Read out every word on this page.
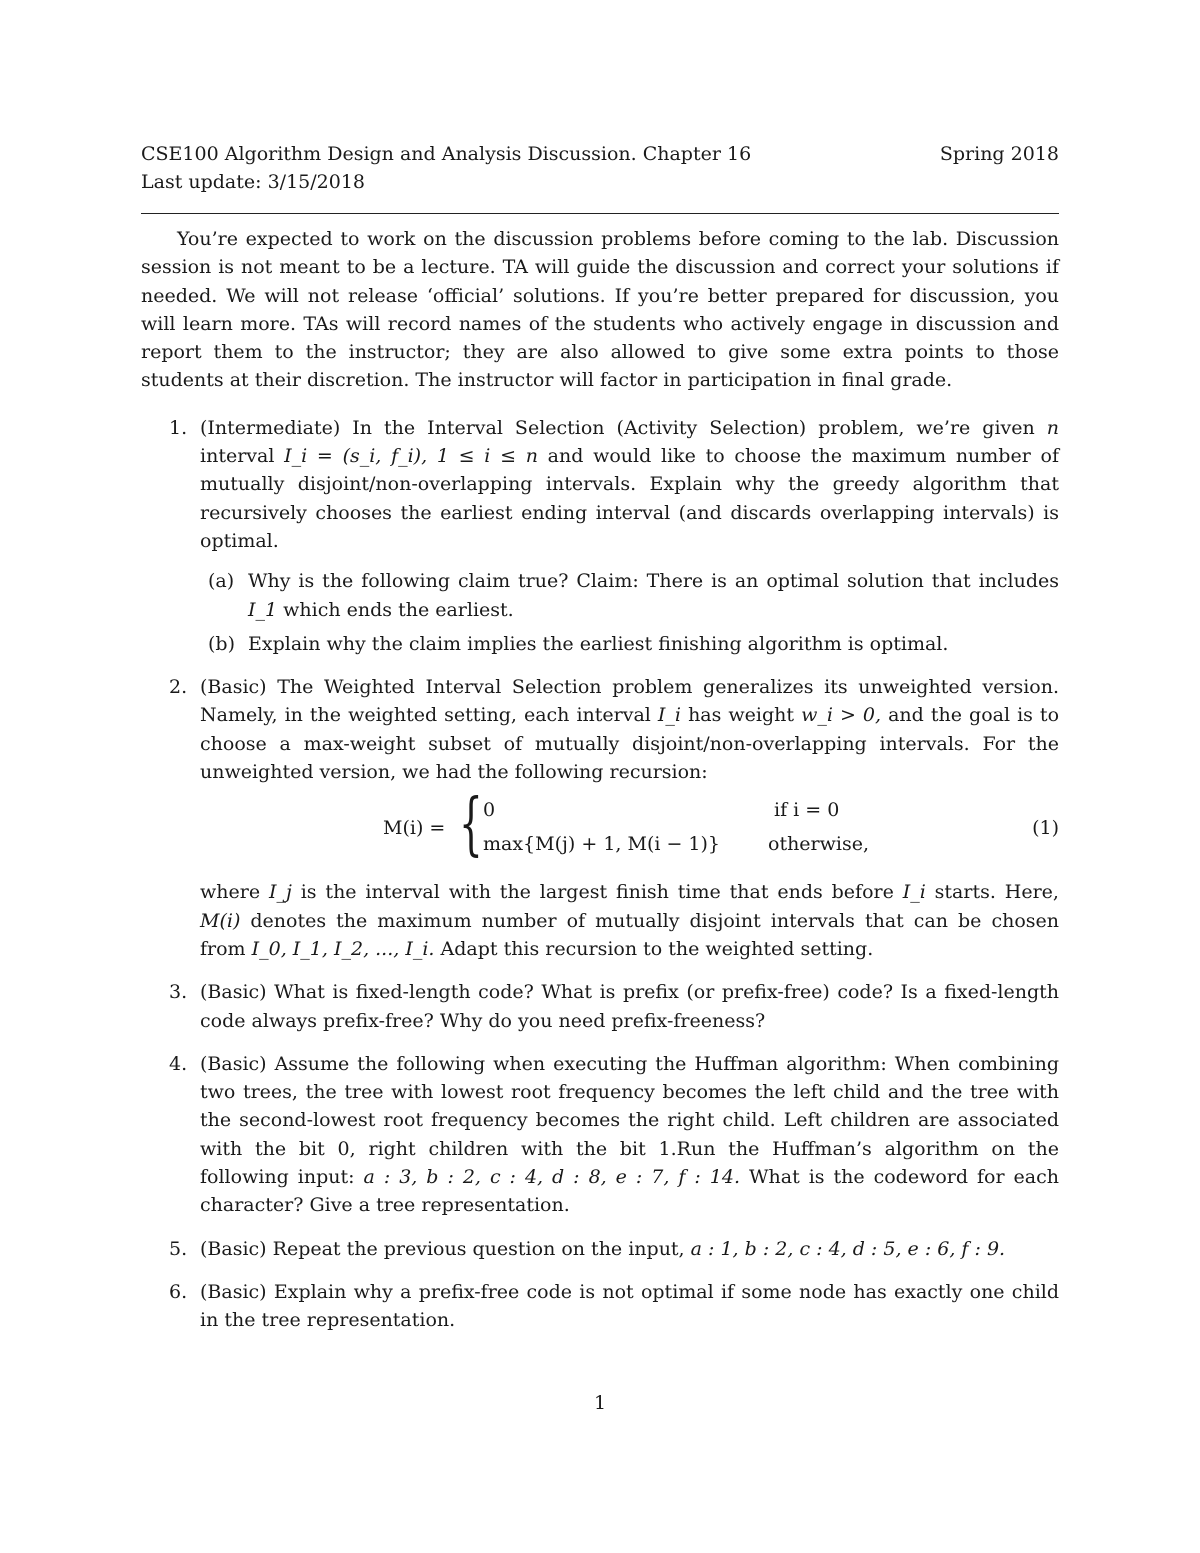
CSE100 Algorithm Design and Analysis Discussion. Chapter 16	Spring 2018
Last update: 3/15/2018

You’re expected to work on the discussion problems before coming to the lab. Discussion session is not meant to be a lecture. TA will guide the discussion and correct your solutions if needed. We will not release ‘official’ solutions. If you’re better prepared for discussion, you will learn more. TAs will record names of the students who actively engage in discussion and report them to the instructor; they are also allowed to give some extra points to those students at their discretion. The instructor will factor in participation in final grade.

1. (Intermediate) In the Interval Selection (Activity Selection) problem, we’re given n interval I_i = (s_i, f_i), 1 ≤ i ≤ n and would like to choose the maximum number of mutually disjoint/non-overlapping intervals. Explain why the greedy algorithm that recursively chooses the earliest ending interval (and discards overlapping intervals) is optimal.
(a) Why is the following claim true? Claim: There is an optimal solution that includes I_1 which ends the earliest.
(b) Explain why the claim implies the earliest finishing algorithm is optimal.
2. (Basic) The Weighted Interval Selection problem generalizes its unweighted version. Namely, in the weighted setting, each interval I_i has weight w_i > 0, and the goal is to choose a max-weight subset of mutually disjoint/non-overlapping intervals. For the unweighted version, we had the following recursion:
M(i) = { 0
max{M(j) + 1, M(i − 1)}
if i = 0
otherwise,
(1)
where I_j is the interval with the largest finish time that ends before I_i starts. Here, M(i) denotes the maximum number of mutually disjoint intervals that can be chosen from I_0, I_1, I_2, ..., I_i. Adapt this recursion to the weighted setting.
3. (Basic) What is fixed-length code? What is prefix (or prefix-free) code? Is a fixed-length code always prefix-free? Why do you need prefix-freeness?
4. (Basic) Assume the following when executing the Huffman algorithm: When combining two trees, the tree with lowest root frequency becomes the left child and the tree with the second-lowest root frequency becomes the right child. Left children are associated with the bit 0, right children with the bit 1.Run the Huffman’s algorithm on the following input: a : 3, b : 2, c : 4, d : 8, e : 7, f : 14. What is the codeword for each character? Give a tree representation.
5. (Basic) Repeat the previous question on the input, a : 1, b : 2, c : 4, d : 5, e : 6, f : 9.
6. (Basic) Explain why a prefix-free code is not optimal if some node has exactly one child in the tree representation.
1
